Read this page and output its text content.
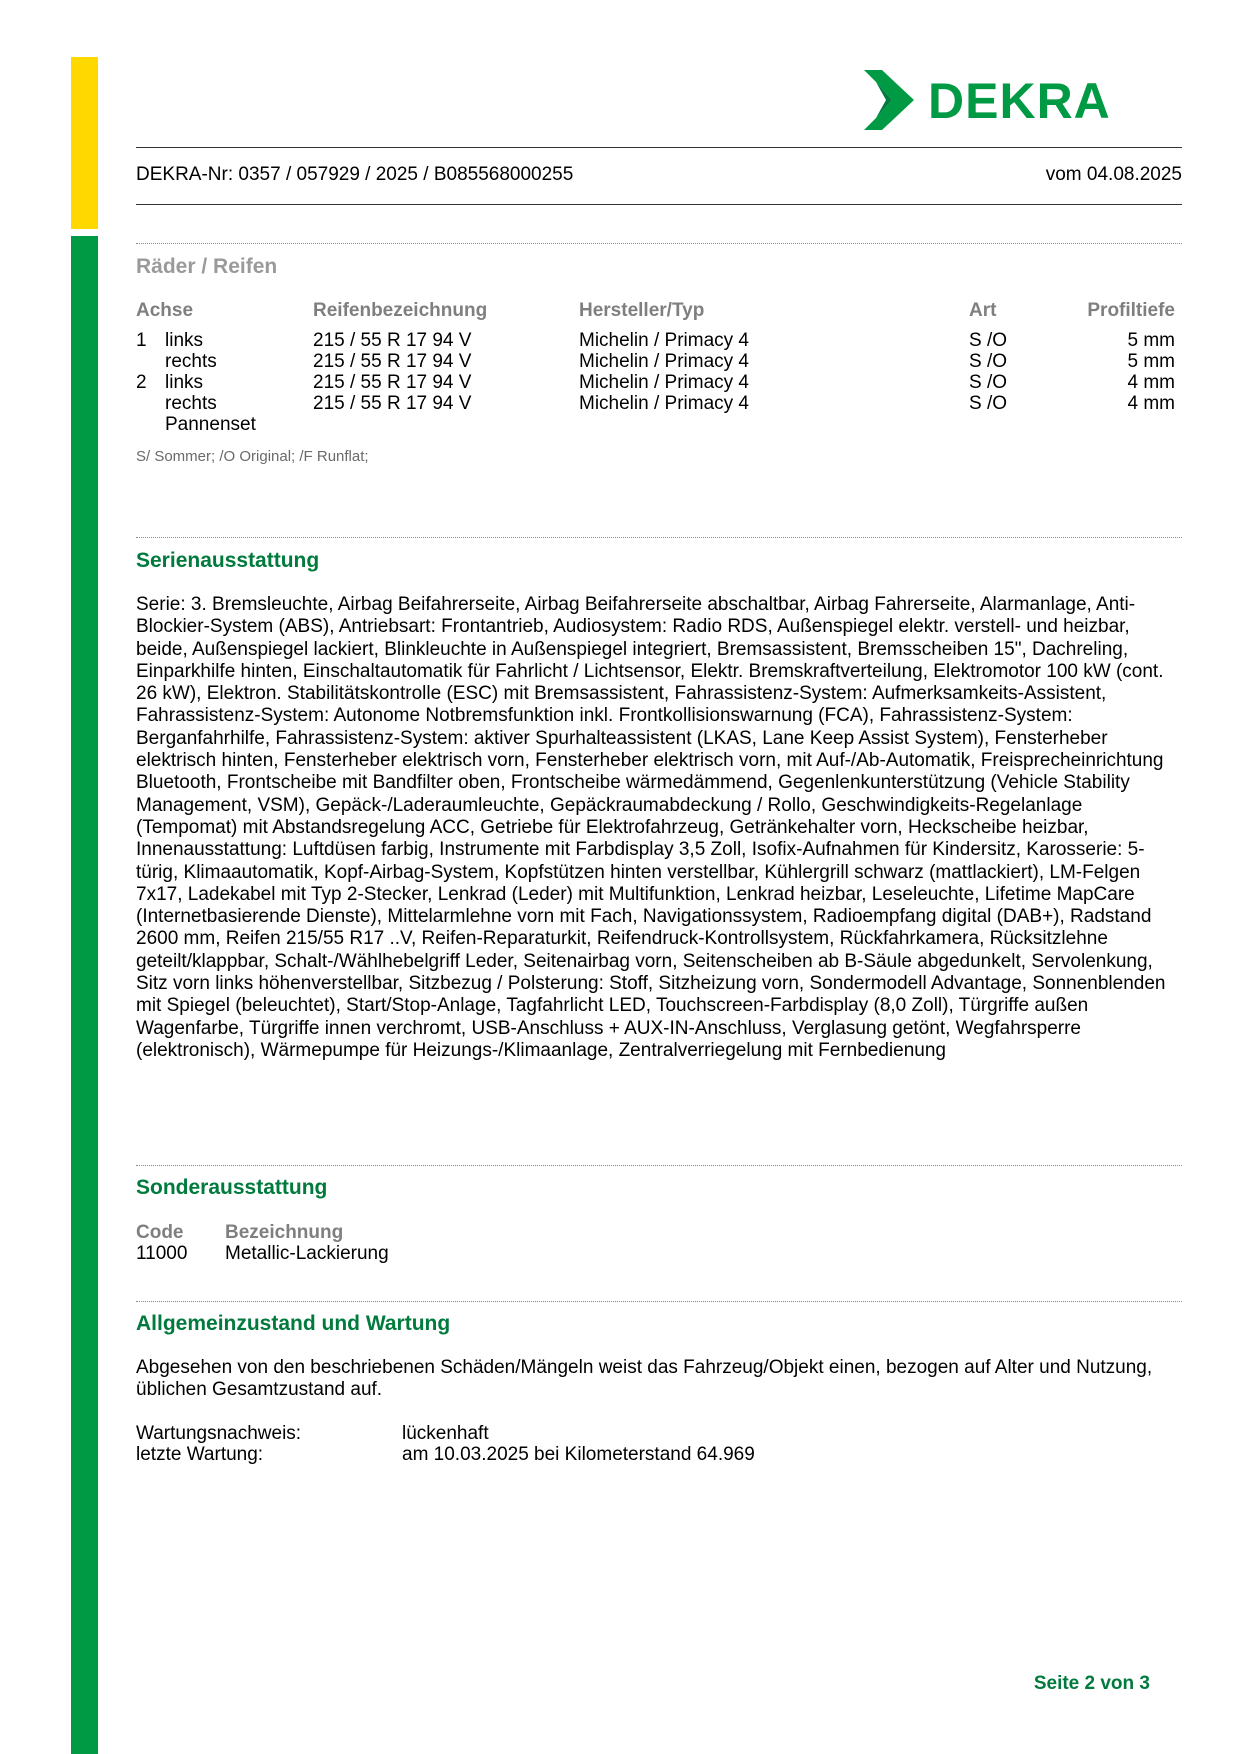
DEKRA
DEKRA-Nr: 0357 / 057929 / 2025 / B085568000255	vom 04.08.2025
Räder / Reifen
Achse	Reifenbezeichnung	Hersteller/Typ	Art	Profiltiefe
1 links	215 / 55 R 17 94 V	Michelin / Primacy 4	S /O	5 mm
rechts	215 / 55 R 17 94 V	Michelin / Primacy 4	S /O	5 mm
2 links	215 / 55 R 17 94 V	Michelin / Primacy 4	S /O	4 mm
rechts	215 / 55 R 17 94 V	Michelin / Primacy 4	S /O	4 mm
Pannenset
S/ Sommer; /O Original; /F Runflat;
Serienausstattung

Serie: 3. Bremsleuchte, Airbag Beifahrerseite, Airbag Beifahrerseite abschaltbar, Airbag Fahrerseite, Alarmanlage, Anti-Blockier-System (ABS), Antriebsart: Frontantrieb, Audiosystem: Radio RDS, Außenspiegel elektr. verstell- und heizbar, beide, Außenspiegel lackiert, Blinkleuchte in Außenspiegel integriert, Bremsassistent, Bremsscheiben 15", Dachreling, Einparkhilfe hinten, Einschaltautomatik für Fahrlicht / Lichtsensor, Elektr. Bremskraftverteilung, Elektromotor 100 kW (cont. 26 kW), Elektron. Stabilitätskontrolle (ESC) mit Bremsassistent, Fahrassistenz-System: Aufmerksamkeits-Assistent, Fahrassistenz-System: Autonome Notbremsfunktion inkl. Frontkollisionswarnung (FCA), Fahrassistenz-System: Berganfahrhilfe, Fahrassistenz-System: aktiver Spurhalteassistent (LKAS, Lane Keep Assist System), Fensterheber elektrisch hinten, Fensterheber elektrisch vorn, Fensterheber elektrisch vorn, mit Auf-/Ab-Automatik, Freisprecheinrichtung Bluetooth, Frontscheibe mit Bandfilter oben, Frontscheibe wärmedämmend, Gegenlenkunterstützung (Vehicle Stability Management, VSM), Gepäck-/Laderaumleuchte, Gepäckraumabdeckung / Rollo, Geschwindigkeits-Regelanlage (Tempomat) mit Abstandsregelung ACC, Getriebe für Elektrofahrzeug, Getränkehalter vorn, Heckscheibe heizbar, Innenausstattung: Luftdüsen farbig, Instrumente mit Farbdisplay 3,5 Zoll, Isofix-Aufnahmen für Kindersitz, Karosserie: 5-türig, Klimaautomatik, Kopf-Airbag-System, Kopfstützen hinten verstellbar, Kühlergrill schwarz (mattlackiert), LM-Felgen 7x17, Ladekabel mit Typ 2-Stecker, Lenkrad (Leder) mit Multifunktion, Lenkrad heizbar, Leseleuchte, Lifetime MapCare (Internetbasierende Dienste), Mittelarmlehne vorn mit Fach, Navigationssystem, Radioempfang digital (DAB+), Radstand 2600 mm, Reifen 215/55 R17 ..V, Reifen-Reparaturkit, Reifendruck-Kontrollsystem, Rückfahrkamera, Rücksitzlehne geteilt/klappbar, Schalt-/Wählhebelgriff Leder, Seitenairbag vorn, Seitenscheiben ab B-Säule abgedunkelt, Servolenkung, Sitz vorn links höhenverstellbar, Sitzbezug / Polsterung: Stoff, Sitzheizung vorn, Sondermodell Advantage, Sonnenblenden mit Spiegel (beleuchtet), Start/Stop-Anlage, Tagfahrlicht LED, Touchscreen-Farbdisplay (8,0 Zoll), Türgriffe außen Wagenfarbe, Türgriffe innen verchromt, USB-Anschluss + AUX-IN-Anschluss, Verglasung getönt, Wegfahrsperre (elektronisch), Wärmepumpe für Heizungs-/Klimaanlage, Zentralverriegelung mit Fernbedienung

Sonderausstattung
Code Bezeichnung
11000 Metallic-Lackierung
Allgemeinzustand und Wartung

Abgesehen von den beschriebenen Schäden/Mängeln weist das Fahrzeug/Objekt einen, bezogen auf Alter und Nutzung, üblichen Gesamtzustand auf.

Wartungsnachweis:	lückenhaft
letzte Wartung:	am 10.03.2025 bei Kilometerstand 64.969
Seite 2 von 3
